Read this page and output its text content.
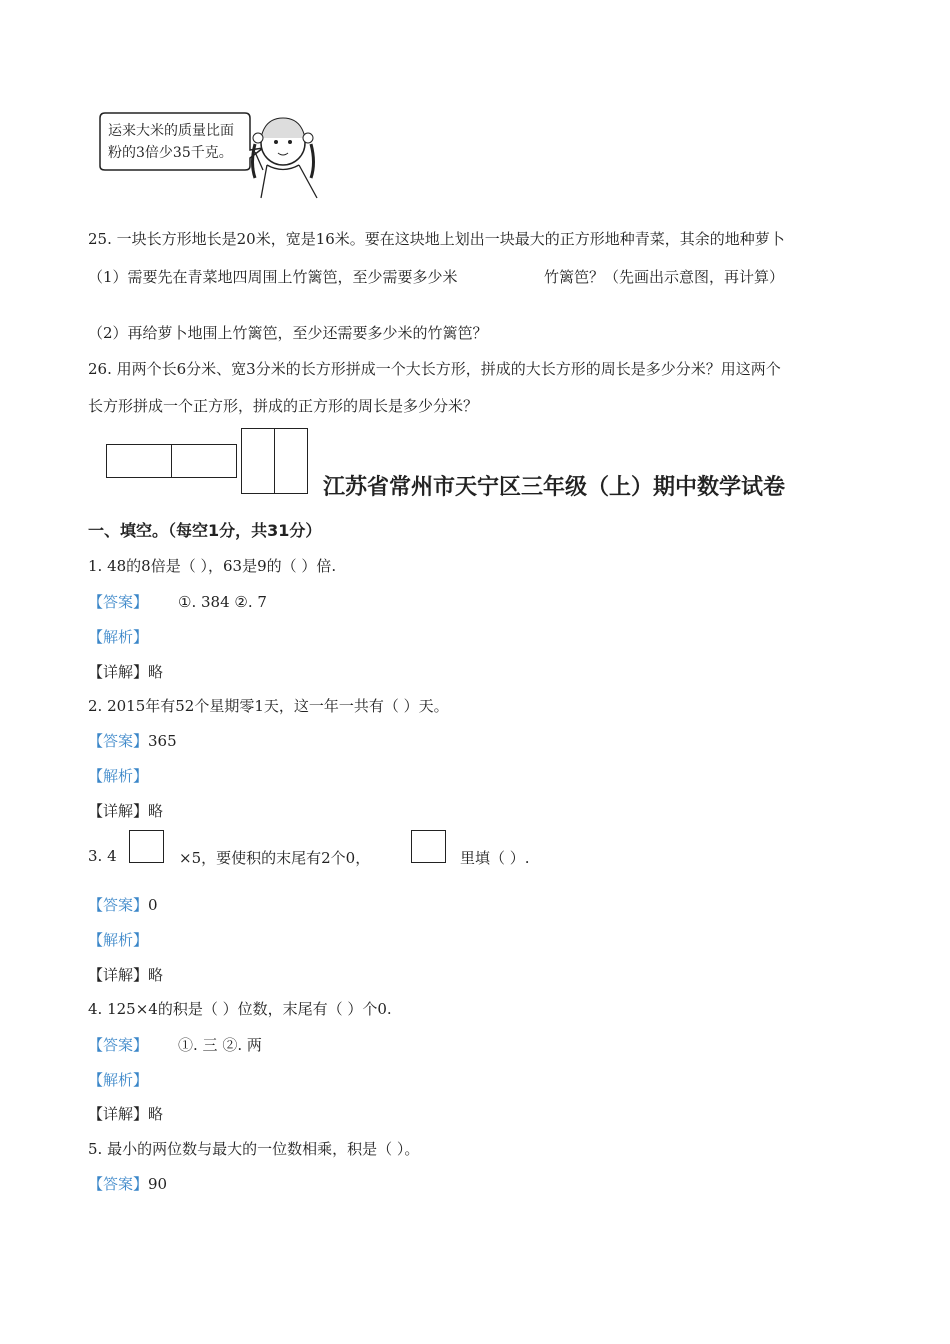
运来大米的质量比面
粉的3倍少35千克。
25. 一块长方形地长是20米，宽是16米。要在这块地上划出一块最大的正方形地种青菜，其余的地种萝卜
（1）需要先在青菜地四周围上竹篱笆，至少需要多少米	竹篱笆？（先画出示意图，再计算）
（2）再给萝卜地围上竹篱笆，至少还需要多少米的竹篱笆？
26. 用两个长6分米、宽3分米的长方形拼成一个大长方形，拼成的大长方形的周长是多少分米？用这两个
长方形拼成一个正方形，拼成的正方形的周长是多少分米？
江苏省常州市天宁区三年级（上）期中数学试卷
一、填空。（每空1分，共31分）
1. 48的8倍是（ ），63是9的（ ）倍.
【答案】 ①. 384 ②. 7
【解析】
【详解】略
2. 2015年有52个星期零1天，这一年一共有（ ）天。
【答案】365
【解析】
【详解】略
3. 4	×5，要使积的末尾有2个0，	里填（ ）.
【答案】0
【解析】
【详解】略
4. 125×4的积是（ ）位数，末尾有（ ）个0.
【答案】 ①. 三 ②. 两
【解析】
【详解】略
5. 最小的两位数与最大的一位数相乘，积是（ ）。
【答案】90
